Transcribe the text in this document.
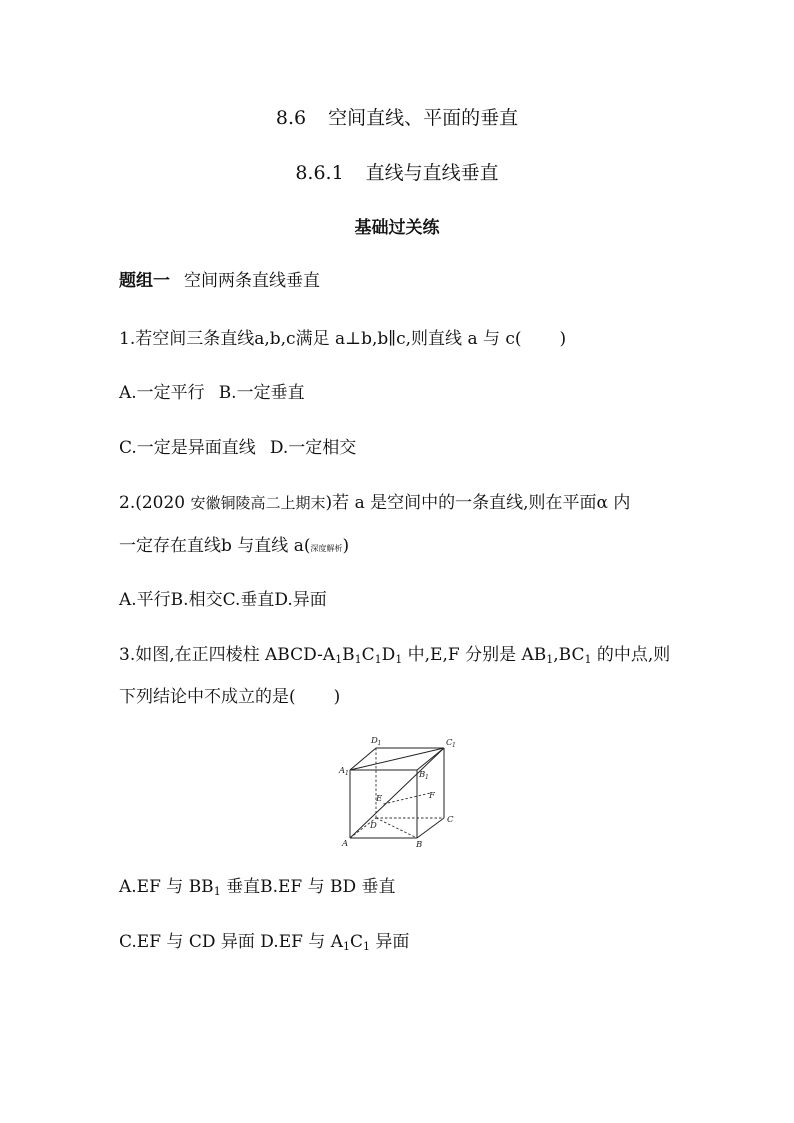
8.6 空间直线、平面的垂直
8.6.1 直线与直线垂直
基础过关练
题组一 空间两条直线垂直
1.若空间三条直线a,b,c满足 a⊥b,b∥c,则直线 a 与 c( )
A.一定平行 B.一定垂直
C.一定是异面直线 D.一定相交
2.(2020 安徽铜陵高二上期末)若 a 是空间中的一条直线,则在平面α 内
一定存在直线b 与直线 a(深度解析)
A.平行B.相交C.垂直D.异面
3.如图,在正四棱柱 ABCD-$A_1B_1C_1D_1$ 中,E,F 分别是 $AB_1,BC_1$ 的中点,则
下列结论中不成立的是( )
D 1	C 1
A 1	B 1
E	F
D
C
A	B
A.EF 与 $BB_1$ 垂直B.EF 与 BD 垂直
C.EF 与 CD 异面 D.EF 与 $A_1C_1$ 异面
